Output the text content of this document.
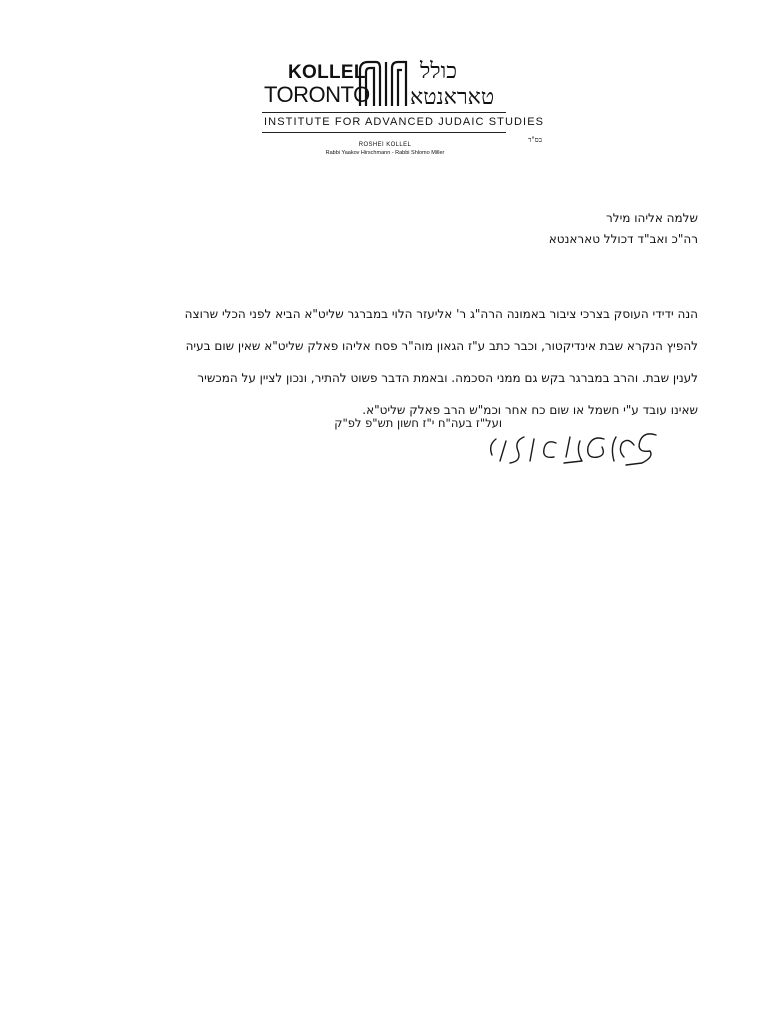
KOLLEL
TORONTO
כולל
טאראנטא
INSTITUTE FOR ADVANCED JUDAIC STUDIES
ROSHEI KOLLEL
Rabbi Yaakov Hirschmann - Rabbi Shlomo Miller
בס"ד
שלמה אליהו מילר
רה"כ ואב"ד דכולל טאראנטא

הנה ידידי העוסק בצרכי ציבור באמונה הרה"ג ר' אליעזר הלוי במברגר שליט"א הביא לפני הכלי שרוצה

להפיץ הנקרא שבת אינדיקטור, וכבר כתב ע"ז הגאון מוה"ר פסח אליהו פאלק שליט"א שאין שום בעיה

לענין שבת. והרב במברגר בקש גם ממני הסכמה. ובאמת הדבר פשוט להתיר, ונכון לציין על המכשיר

שאינו עובד ע"י חשמל או שום כח אחר וכמ"ש הרב פאלק שליט"א.

ועל"ז בעה"ח י"ז חשון תש"פ לפ"ק
